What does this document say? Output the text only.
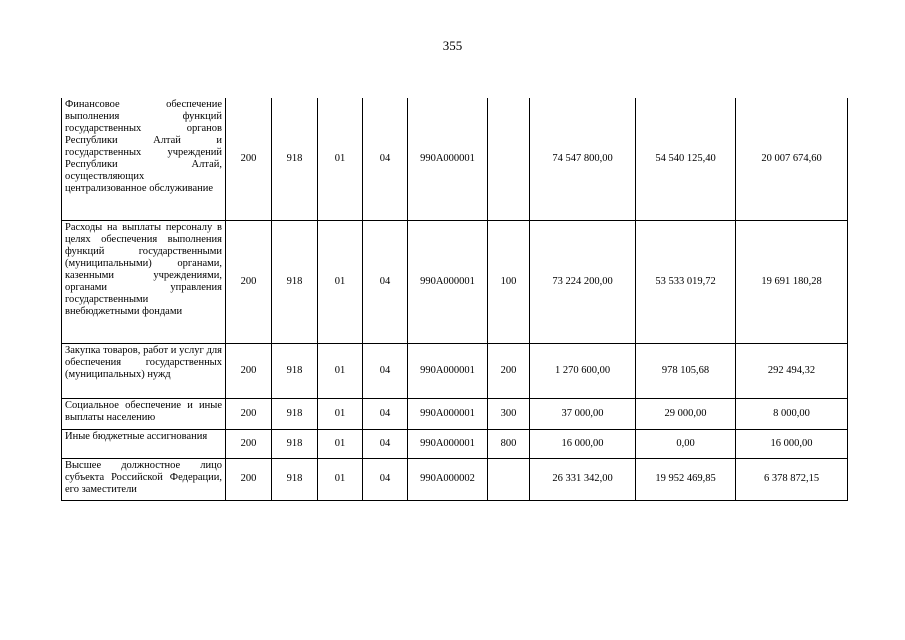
355
Финансовое обеспечение выполнения функций государственных органов Республики Алтай и государственных учреждений Республики Алтай, осуществляющих централизованное обслуживание	200	918	01	04	990А000001		74 547 800,00	54 540 125,40	20 007 674,60
Расходы на выплаты персоналу в целях обеспечения выполнения функций государственными (муниципальными) органами, казенными учреждениями, органами управления государственными внебюджетными фондами	200	918	01	04	990А000001	100	73 224 200,00	53 533 019,72	19 691 180,28
Закупка товаров, работ и услуг для обеспечения государственных (муниципальных) нужд	200	918	01	04	990А000001	200	1 270 600,00	978 105,68	292 494,32
Социальное обеспечение и иные выплаты населению	200	918	01	04	990А000001	300	37 000,00	29 000,00	8 000,00
Иные бюджетные ассигнования	200	918	01	04	990А000001	800	16 000,00	0,00	16 000,00
Высшее должностное лицо субъекта Российской Федерации, его заместители	200	918	01	04	990А000002		26 331 342,00	19 952 469,85	6 378 872,15
